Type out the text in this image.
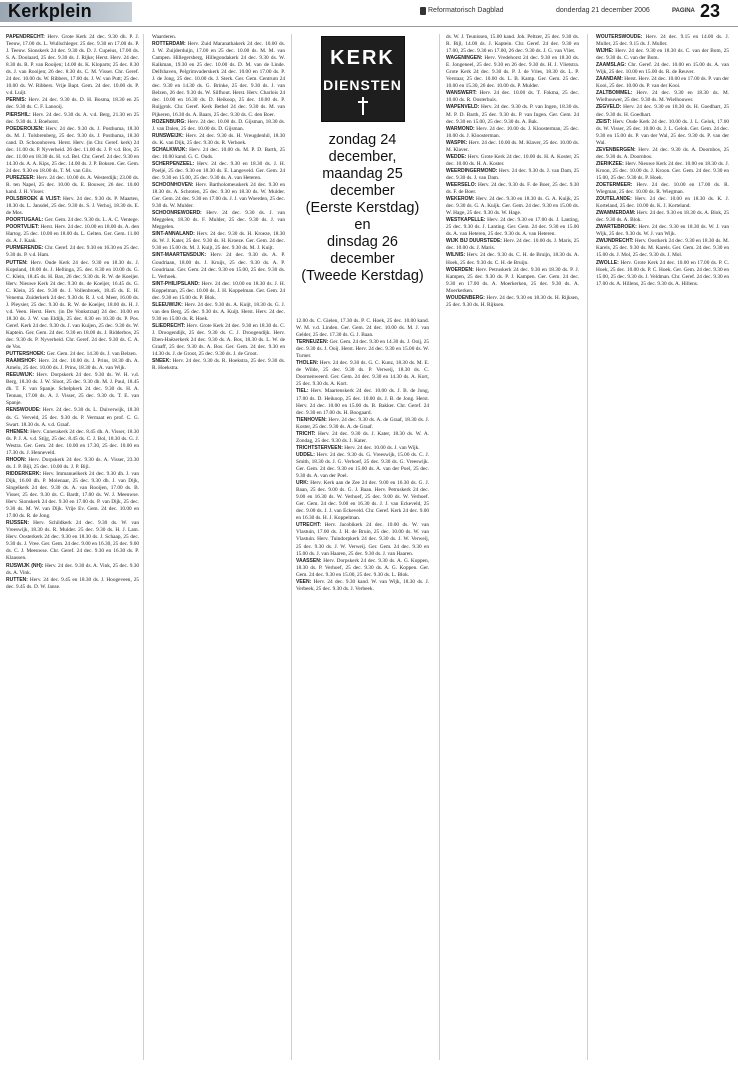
Kerkplein	Reformatorisch Dagblad	donderdag 21 december 2006	PAGINA 23
PAPENDRECHT: Herv. Grote Kerk 24 dec. 9.30 dh. P. J. Teeuw, 17.00 ds. L. Wullschleger. 25 dec. 9.30 en 17.00 ds. P. J. Teeuw. Sionskerk 24 dec. 9.30 ds. D. J. Cupeius, 17.00 ds. S. A. Doolaard, 25 dec. 9.30 ds. J. Rijke; Herst. Herv. 24 dec. 8.30 ds. R. P. van Rooijen; 14.00 ds. K. Kloparts; 25 dec. 8.30 ds. J. van Rooijen; 26 dec. 8.30 ds. C. M. Visser. Chr. Geref. 24 dec. 10.00 ds. W. Ribbers, 17.00 ds. J. W. van Putt; 25 dec. 10.00 ds. W. Ribbers. Vrije Bapt. Gem. 24 dec. 10.00 ds. P. v.d. Luijt.
PERNIS: Herv. 24 dec. 9.30 ds. D. H. Bosma, 18.30 en 25 dec. 9.30 ds. C. F. Lanooij.
PIERSHIL: Herv. 24 dec. 9.30 ds. A. v.d. Berg, 21.30 en 25 dec. 9.30 ds. J. Boehorst.
POEDEROIJEN: Herv. 24 dec. 9.30 ds. J. Posthuma, 18.30 ds. M. J. Tolsbrenberg, 25 dec. 9.30 ds. J. Posthuma, 18.30 cand. D. Schoonhoven. Herst. Herv. (in Chr. Geref. kerk) 24 dec. 11.00 ds. P. Nyverheid. 26 dec. 11.00 ds. J. P. v.d. Bos, 25 dec. 11.00 en 18.30 ds. H. v.d. Bel. Chr. Geref. 24 dec. 9.30 en 14.30 ds. A. A. Kips, 25 dec. 14.00 ds. J. P. Boksen. Ger. Gem. 24 dec. 9.30 en 18.00 ds. T. M. van Gils.
PUREZEER: Herv. 24 dec. 10.00 ds. A. Westerdijk; 23.00 ds. R. ten Napel, 25 dec. 10.00 ds. E. Bouwer, 26 dec. 10.00 kand. J. H. Visser.
POLSBROEK & VLIST: Herv. 24 dec. 9.30 ds. P. Maarten, 18.30 ds. L. Jansdel, 25 dec. 9.30 ds. S. J. Verhoj, 18.30 ds. E. de Mos.
POORTUGAAL: Ger. Gem. 24 dec. 9.30 ds. L. A. C. Ventege.
POORTVLIET: Herst. Herv. 24 dec. 10.00 en 18.00 ds. A. den Hartog. 25 dec. 10.00 en 18.00 ds. L. Gelten. Ger. Gem. 11.00 ds. A. J. Kaak.
PURMERENDE: Chr. Geref. 24 dec. 9.30 en 16.30 en 25 dec. 9.30 ds. P. v.d. Ham.
PUTTEN: Herv. Oude Kerk 24 dec. 9.30 en 18.30 ds. J. Kopsland, 18.00 ds. J. Hellinga, 25. dec. 8.30 en 10.00 ds. G. C. Klein, 18.45 ds. H. Bax, 26 dec. 9.30 ds. R. W. de Koeijer. Herv. Nieuwe Kerk 24 dec. 9.30 ds. de Koeijer, 16.45 ds. G. C. Klein, 25 dec. 9.30 ds. J. Vollenbroek, 18.45 ds. E. H. Venema. Zuiderkerk 24 dec. 9.30 ds. R. J. v.d. Meer, 16.00 ds. J. Pleysier, 25 dec. 9.30 ds. R. W. de Koeijer, 18.00 ds. H. J. v.d. Veen. Herst. Herv. (in De Vonkstraat) 24 dec. 10.00 en 18.30 ds. J. W. van Eldijk, 25 dec. 8.30 en 10.30 ds. P. Pos. Geref. Kerk 24 dec. 9.30 ds. J. van Kuijen, 25 dec. 9.30 ds. W. Kaptein. Ger. Gem. 24 dec. 9.30 en 18.00 ds. J. Ridderbos, 25 dec. 9.30 ds. P. Nyverheid. Chr. Geref. 24 dec. 9.30 ds. C. A. de Vos.
PUTTERSHOEK: Ger. Gem. 24 dec. 14.30 ds. J. van Belzen.
RAAMSHOF: Herv. 24 dec. 10.00 ds. J. Prins, 18.30 dh. A. Amelo, 25 dec. 10.00 ds. J. Prins, 18.30 ds. A. van Wijk.
REEUWIJK: Herv. Dorpskerk 24 dec. 9.30 ds. W. H. v.d. Berg, 18.30 ds. J. W. Sloot, 25 dec. 9.30 dh. M. J. Paul, 18.45 dh. T. F. van Spanje. Schelpkerk 24 dec. 9.30 ds. H. A. Tennau, 17.00 ds. A. J. Visser, 25 dec. 9.30 ds. T. E. van Spanje.
RENSWOUDE: Herv. 24 dec. 9.30 ds. L. Duiverwijk, 18.30 ds. G. Verveld, 25 dec. 9.30 ds. P. Vermaat en prof. C. G. Swart. 18.30 ds. A. v.d. Graaf.
RHENEN: Herv. Cunerakerk 24 dec. 8.45 dh. A. Visser, 18.30 ds. P. J. A. v.d. Stijg, 25 dec. 8.45 ds. C. J. Bol, 18.30 ds. G. J. Westra. Ger. Gem. 24 dec. 10.00 en 17.30, 25 dec. 10.00 en 17.30 ds. J. Henneveld.
RHOON: Herv. Dorpskerk 24 dec. 9.30 ds. A. Visser, 23.30 ds. J. P. Bijl, 25 dec. 10.00 ds. J. P. Bijl.
RIDDERKERK: Herv. Immanuelkerk 24 dec. 9.30 dh. J. van Dijk, 16.00 dh. P. Molenaar, 25 dec. 9.30 dh. J. van Dijk, Singelkerk 24 dec. 9.30 ds. A. van Rooijen, 17.00 ds. B. Visser, 25 dec. 9.30 ds. C. Bardt, 17.00 ds. W. J. Meeuwse. Herv. Sionskerk 24 dec. 9.30 en 17.00 ds. P. van Dijk, 25 dec. 9.30 ds. M. W. van Dijk. Vrije Ev. Gem. 24 dec. 10.00 en 17.00 ds. R. de Jong.
RIJSSEN: Herv. Schildkerk 24 dec. 9.30 ds. W. van Vreeswijk, 18.30 ds. R. Mulder. 25 dec. 9.30 ds. H. J. Lam. Herv. Oosterkerk 24 dec. 9.30 en 18.30 ds. J. Schaap, 25 dec. 9.30 ds. J. Vree. Ger. Gem. 24 dec. 9.00 en 16.30, 25 dec. 9.00 ds. C. J. Meeuwse. Chr. Geref. 24 dec. 9.30 en 16.30 ds. P. Klaassen.
RIJSWIJK (NH): Herv. 24 dec. 9.30 ds. A. Vink, 25 dec. 9.30 ds. A. Vink.
RUTTEN: Herv. 24 dec. 9.45 en 18.30 ds. J. Hoogeveen, 25 dec. 9.45 ds. D. W. Janse.
Waarderen.
ROTTERDAM: Herv. Zuid Maranathakerk 24 dec. 10.00 ds. J. W. Zuijderduijn, 17.00 en 25 dec. 10.00 ds. M. M. van Campen. Hillegersberg, Hillegondakerk 24 dec. 9.30 ds. W. Kalkman, 19.30 en 25 dec. 10.00 ds. D. M. van de Linde. Delfshaven, Pelgrimvaderskerk 24 dec. 10.00 en 17.00 ds. P. J. de Jong, 25 dec. 10.00 ds. J. Sterk. Ger. Gem. Centrum 24 dec. 9.30 en 14.30 ds. G. Brinke, 25 dec. 9.30 ds. J. van Belzen, 26 dec. 9.30 ds. W. Silfhout. Herst. Herv. Charlois 24 dec. 10.00 en 16.30 ds. D. Heikoop, 25 dec. 10.00 ds. P. Ruijgrok. Chr. Geref. Kerk Bethel 24 dec. 9.30 ds. M. van Pijkeren, 16.30 ds. A. Baars, 25 dec. 9.30 ds. C. den Boer.
ROZENBURG: Herv. 24 dec. 10.00 ds. D. Gijsman, 18.30 ds. J. van Dalen, 25 dec. 10.00 ds. D. Gijsman.
RUNSWEIJK: Herv. 24 dec. 9.30 ds. H. Vreugdenhil, 18.30 ds. K. van Dijk, 25 dec. 9.30 ds. R. Verhoek.
SCHALKWIJK: Herv. 24 dec. 10.00 ds. M. P. D. Barth, 25 dec. 10.00 kand. G. C. Ouds.
SCHERPENZEEL: Herv. 24 dec. 9.30 en 18.30 ds. J. H. Poeljé, 25 dec. 9.30 en 18.30 ds. E. Langeveld. Ger. Gem. 24 dec. 9.30 en 15.00, 25 dec. 9.30 ds. A. van Heteren.
SCHOONHOVEN: Herv. Bartholomeuskerk 24 dec. 9.30 en 18.30 ds. A. Schroten, 25 dec. 9.30 en 18.30 ds. W. Mulder. Ger. Gem. 24 dec. 9.30 en 17.00 ds. J. J. van Woerden, 25 dec. 9.30 ds. W. Mulder.
SCHOONREWOERD: Herv. 24 dec. 9.30 ds. J. van Meggelen, 18.30 ds. F. Mulder, 25 dec. 9.30 ds. J. van Meggelen.
SINT-ANNALAND: Herv. 24 dec. 9.30 ds. H. Kroeze, 18.30 ds. W. J. Kater, 25 dec. 9.30 ds. H. Kroeze. Ger. Gem. 24 dec. 9.30 en 15.00 ds. M. J. Kuijt, 25 dec. 9.30 ds. M. J. Kuijt.
SINT-MAARTENSDIJK: Herv. 24 dec. 9.30 ds. A. P. Goudriaan, 18.00 ds. J. Kruijs, 25 dec. 9.30 ds. A. P. Goudriaan. Ger. Gem. 24 dec. 9.30 en 15.00, 25 dec. 9.30 ds. L. Verhoek.
SINT-PHILIPSLAND: Herv. 24 dec. 10.00 en 18.30 ds. J. H. Koppelman, 25 dec. 10.00 ds. J. H. Koppelman. Ger. Gem. 24 dec. 9.30 en 15.00 ds. P. Blok.
SLEEUWIJK: Herv. 24 dec. 9.30 ds. A. Kuijt, 18.30 ds. G. J. van den Berg, 25 dec. 9.30 ds. A. Kuijt. Herst. Herv. 24 dec. 9.30 en 15.00 ds. R. Hoek.
SLIEDRECHT: Herv. Grote Kerk 24 dec. 9.30 en 18.30 ds. C. J. Droogendijk, 25 dec. 9.30 ds. C. J. Droogendijk. Herv. Eben-Haëzerkerk 24 dec. 9.30 ds. A. Bos, 18.30 ds. L. W. de Graaff, 25 dec. 9.30 ds. A. Bos. Ger. Gem. 24 dec. 9.30 en 14.30 ds. J. de Groot, 25 dec. 9.30 ds. J. de Groot.
SNEEK: Herv. 24 dec. 9.30 ds. R. Hoekstra, 25 dec. 9.30 ds. R. Hoekstra.
12.00 ds. C. Gielen, 17.30 ds. P. C. Hoek, 25 dec. 10.00 kand. W. M. v.d. Linden. Ger. Gem. 24 dec. 10.00 ds. M. J. van Gelder, 25 dec. 17.30 ds. G. J. Baan.
TERNEUZEN: Ger. Gem. 24 dec. 9.30 en 14.30 ds. J. Ooij, 25 dec. 9.30 ds. J. Ooij. Herst. Herv. 24 dec. 9.30 en 15.00 ds. W. Turner.
THOLEN: Herv. 24 dec. 9.30 ds. G. C. Kunz, 18.30 ds. M. E. de Wilde, 25 dec. 9.30 ds. P. Verweij, 18.30 ds. C. Doornenweerd. Ger. Gem. 24 dec. 9.30 en 14.30 ds. A. Kort, 25 dec. 9.30 ds. A. Kort.
TIEL: Herv. Maartenskerk 24 dec. 10.00 ds. J. B. de Jong, 17.00 ds. D. Heikoop, 25 dec. 10.00 ds. J. B. de Jong. Herst. Herv. 24 dec. 10.00 en 15.00 ds. B. Bakker. Chr. Geref. 24 dec. 9.30 en 17.00 ds. H. Boogaard.
TIENHOVEN: Herv. 24 dec. 9.30 ds. A. de Graaf, 18.30 ds. J. Koster, 25 dec. 9.30 ds. A. de Graaf.
TRICHT: Herv. 24 dec. 9.30 ds. J. Kater, 18.30 ds. W. A. Zondag, 25 dec. 9.30 ds. J. Kater.
TRICHTSTERVEEN: Herv. 24 dec. 10.00 ds. J. van Wijk.
UDDEL: Herv. 24 dec. 9.30 ds. G. Vreeswijk, 15.00 ds. C. J. Smith, 18.30 ds. J. G. Verhoef, 25 dec. 9.30 ds. G. Vreeswijk. Ger. Gem. 24 dec. 9.30 en 15.00 ds. A. van der Poel, 25 dec. 9.30 ds. A. van der Poel.
URK: Herv. Kerk aan de Zee 24 dec. 9.00 en 16.30 ds. G. J. Baan, 25 dec. 9.00 ds. G. J. Baan. Herv. Petruskerk 24 dec. 9.00 en 16.30 ds. W. Verhoef, 25 dec. 9.00 ds. W. Verhoef. Ger. Gem. 24 dec. 9.00 en 16.30 ds. J. J. van Eckeveld, 25 dec. 9.00 ds. J. J. van Eckeveld. Chr. Geref. Kerk 24 dec. 9.00 en 16.30 ds. H. J. Koppelman.
UTRECHT: Herv. Jacobikerk 24 dec. 10.00 ds. W. van Vlastuin, 17.00 ds. J. H. de Bruin, 25 dec. 10.00 ds. W. van Vlastuin. Herv. Tuindorpkerk 24 dec. 9.30 ds. J. W. Verweij, 25 dec. 9.30 ds. J. W. Verweij. Ger. Gem. 24 dec. 9.30 en 15.00 ds. J. van Haaren, 25 dec. 9.30 ds. J. van Haaren.
VAASSEN: Herv. Dorpskerk 24 dec. 9.30 ds. A. G. Koppen, 18.30 ds. P. Verhoef, 25 dec. 9.30 ds. A. G. Koppen. Ger. Gem. 24 dec. 9.30 en 15.00, 25 dec. 9.30 ds. L. Blok.
VEEN: Herv. 24 dec. 9.30 kand. W. van Wijk, 18.30 ds. J. Verbeek, 25 dec. 9.30 ds. J. Verbeek.
ds. W. J. Teunissen, 15.00 kand. Joh. Peltzer, 25 dec. 9.30 ds. R. Bijl, 14.00 ds. J. Kaptein. Chr. Geref. 24 dec. 9.30 en 17.00, 25 dec. 9.30 en 17.00, 26 dec. 9.30 ds. J. G. van Vliet.
WAGENINGEN: Herv. Vredehorst 24 dec. 9.30 en 18.30 ds. E. Jongeneel, 25 dec. 9.30 en 26 dec. 9.30 ds. H. J. Vlietstra. Grote Kerk 24 dec. 9.30 ds. P. J. de Vries, 18.30 ds. L. P. Verstaar, 25 dec. 10.00 ds. L. B. Kamp. Ger. Gem. 25 dec. 10.00 en 15.30, 26 dec. 10.00 ds. P. Mulder.
WANSWERT: Herv. 24 dec. 10.00 ds. T. Fokma, 25 dec. 10.00 ds. R. Oosterhuis.
WAPENVELD: Herv. 24 dec. 9.30 ds. P. van Ingen, 18.30 ds. M. P. D. Barth, 25 dec. 9.30 ds. P. van Ingen. Ger. Gem. 24 dec. 9.30 en 15.00, 25 dec. 9.30 ds. A. Bak.
WARMOND: Herv. 24 dec. 10.00 ds. J. Kloosterman, 25 dec. 10.00 ds. J. Kloosterman.
WASPIK: Herv. 24 dec. 10.00 ds. M. Klaver, 25 dec. 10.00 ds. M. Klaver.
WEDDE: Herv. Grote Kerk 24 dec. 10.00 ds. H. A. Koster, 25 dec. 10.00 ds. H. A. Koster.
WEERDINGERMOND: Herv. 24 dec. 9.30 ds. J. van Dam, 25 dec. 9.30 ds. J. van Dam.
WEERSELO: Herv. 24 dec. 9.30 ds. F. de Boer, 25 dec. 9.30 ds. F. de Boer.
WEKEROM: Herv. 24 dec. 9.30 en 18.30 ds. G. A. Kuijk, 25 dec. 9.30 ds. G. A. Kuijk. Ger. Gem. 24 dec. 9.30 en 15.00 ds. W. Hage, 25 dec. 9.30 ds. W. Hage.
WESTKAPELLE: Herv. 24 dec. 9.30 en 17.00 ds. J. Lanting, 25 dec. 9.30 ds. J. Lanting. Ger. Gem. 24 dec. 9.30 en 15.00 ds. A. van Heteren, 25 dec. 9.30 ds. A. van Heteren.
WIJK BIJ DUURSTEDE: Herv. 24 dec. 10.00 ds. J. Maris, 25 dec. 10.00 ds. J. Maris.
WILNIS: Herv. 24 dec. 9.30 ds. C. H. de Bruijn, 18.30 ds. A. Hoek, 25 dec. 9.30 ds. C. H. de Bruijn.
WOERDEN: Herv. Petruskerk 24 dec. 9.30 en 18.30 ds. P. J. Kampen, 25 dec. 9.30 ds. P. J. Kampen. Ger. Gem. 24 dec. 9.30 en 17.00 ds. A. Moerkerken, 25 dec. 9.30 ds. A. Moerkerken.
WOUDENBERG: Herv. 24 dec. 9.30 en 18.30 ds. H. Rijksen, 25 dec. 9.30 ds. H. Rijksen.
WOUTERSWOUDE: Herv. 24 dec. 9.15 en 14.00 ds. J. Muller, 25 dec. 9.15 ds. J. Muller.
WIJHE: Herv. 24 dec. 9.30 en 18.30 ds. C. van der Bom, 25 dec. 9.30 ds. C. van der Bom.
ZAAMSLAG: Chr. Geref. 24 dec. 10.00 en 15.00 ds. A. van Wijk, 25 dec. 10.00 en 15.00 ds. R. de Reuver.
ZAANDAM: Herst. Herv. 24 dec. 10.00 en 17.00 ds. P. van der Kooi, 25 dec. 10.00 ds. P. van der Kooi.
ZALTBOMMEL: Herv. 24 dec. 9.30 en 18.30 ds. M. Wielhouwer, 25 dec. 9.30 ds. M. Wielhouwer.
ZEGVELD: Herv. 24 dec. 9.30 en 18.30 ds. H. Goedhart, 25 dec. 9.30 ds. H. Goedhart.
ZEIST: Herv. Oude Kerk 24 dec. 10.00 ds. J. L. Gelok, 17.00 ds. W. Visser, 25 dec. 10.00 ds. J. L. Gelok. Ger. Gem. 24 dec. 9.30 en 15.00 ds. P. van der Wal, 25 dec. 9.30 ds. P. van der Wal.
ZEVENBERGEN: Herv. 24 dec. 9.30 ds. A. Doornbos, 25 dec. 9.30 ds. A. Doornbos.
ZIERIKZEE: Herv. Nieuwe Kerk 24 dec. 10.00 en 18.30 ds. J. Kroon, 25 dec. 10.00 ds. J. Kroon. Ger. Gem. 24 dec. 9.30 en 15.00, 25 dec. 9.30 ds. P. Hoek.
ZOETERMEER: Herv. 24 dec. 10.00 en 17.00 ds. R. Wiegman, 25 dec. 10.00 ds. R. Wiegman.
ZOUTELANDE: Herv. 24 dec. 10.00 en 18.30 ds. K. J. Korteland, 25 dec. 10.00 ds. K. J. Korteland.
ZWAMMERDAM: Herv. 24 dec. 9.30 en 18.30 ds. A. Blok, 25 dec. 9.30 ds. A. Blok.
ZWARTEBROEK: Herv. 24 dec. 9.30 en 18.30 ds. W. J. van Wijk, 25 dec. 9.30 ds. W. J. van Wijk.
ZWIJNDRECHT: Herv. Oostkerk 24 dec. 9.30 en 18.30 ds. M. Karels, 25 dec. 9.30 ds. M. Karels. Ger. Gem. 24 dec. 9.30 en 15.00 ds. J. Mol, 25 dec. 9.30 ds. J. Mol.
ZWOLLE: Herv. Grote Kerk 24 dec. 10.00 en 17.00 ds. P. C. Hoek, 25 dec. 10.00 ds. P. C. Hoek. Ger. Gem. 24 dec. 9.30 en 15.00, 25 dec. 9.30 ds. J. Veldman. Chr. Geref. 24 dec. 9.30 en 17.00 ds. A. Hillens, 25 dec. 9.30 ds. A. Hillens.
KERK
DIENSTEN
zondag 24 december,
maandag 25 december
(Eerste Kerstdag) en
dinsdag 26 december
(Tweede Kerstdag)
